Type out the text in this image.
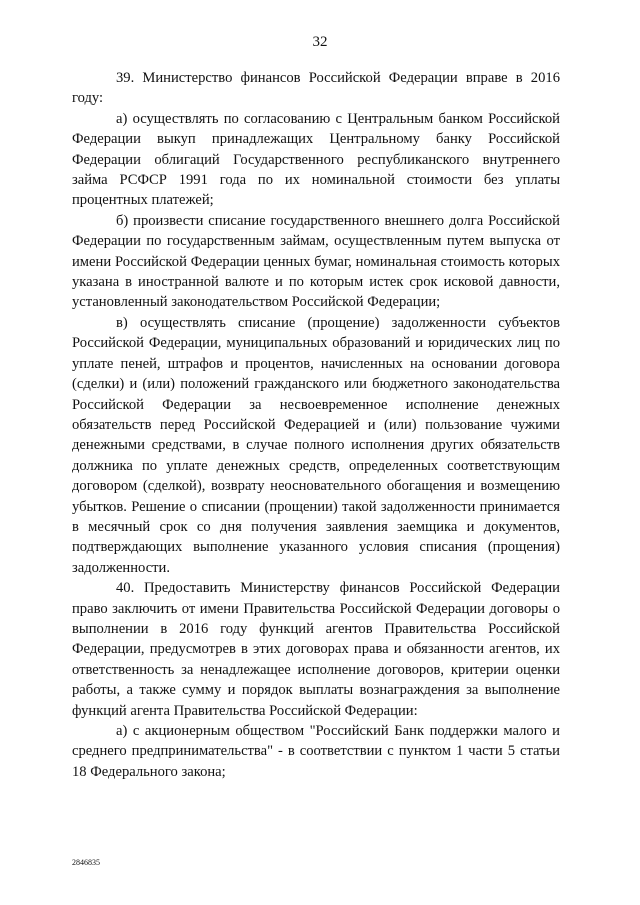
32

39. Министерство финансов Российской Федерации вправе в 2016 году:

а) осуществлять по согласованию с Центральным банком Российской Федерации выкуп принадлежащих Центральному банку Российской Федерации облигаций Государственного республиканского внутреннего займа РСФСР 1991 года по их номинальной стоимости без уплаты процентных платежей;

б) произвести списание государственного внешнего долга Российской Федерации по государственным займам, осуществленным путем выпуска от имени Российской Федерации ценных бумаг, номинальная стоимость которых указана в иностранной валюте и по которым истек срок исковой давности, установленный законодательством Российской Федерации;

в) осуществлять списание (прощение) задолженности субъектов Российской Федерации, муниципальных образований и юридических лиц по уплате пеней, штрафов и процентов, начисленных на основании договора (сделки) и (или) положений гражданского или бюджетного законодательства Российской Федерации за несвоевременное исполнение денежных обязательств перед Российской Федерацией и (или) пользование чужими денежными средствами, в случае полного исполнения других обязательств должника по уплате денежных средств, определенных соответствующим договором (сделкой), возврату неосновательного обогащения и возмещению убытков. Решение о списании (прощении) такой задолженности принимается в месячный срок со дня получения заявления заемщика и документов, подтверждающих выполнение указанного условия списания (прощения) задолженности.

40. Предоставить Министерству финансов Российской Федерации право заключить от имени Правительства Российской Федерации договоры о выполнении в 2016 году функций агентов Правительства Российской Федерации, предусмотрев в этих договорах права и обязанности агентов, их ответственность за ненадлежащее исполнение договоров, критерии оценки работы, а также сумму и порядок выплаты вознаграждения за выполнение функций агента Правительства Российской Федерации:

а) с акционерным обществом "Российский Банк поддержки малого и среднего предпринимательства" - в соответствии с пунктом 1 части 5 статьи 18 Федерального закона;

2846835
